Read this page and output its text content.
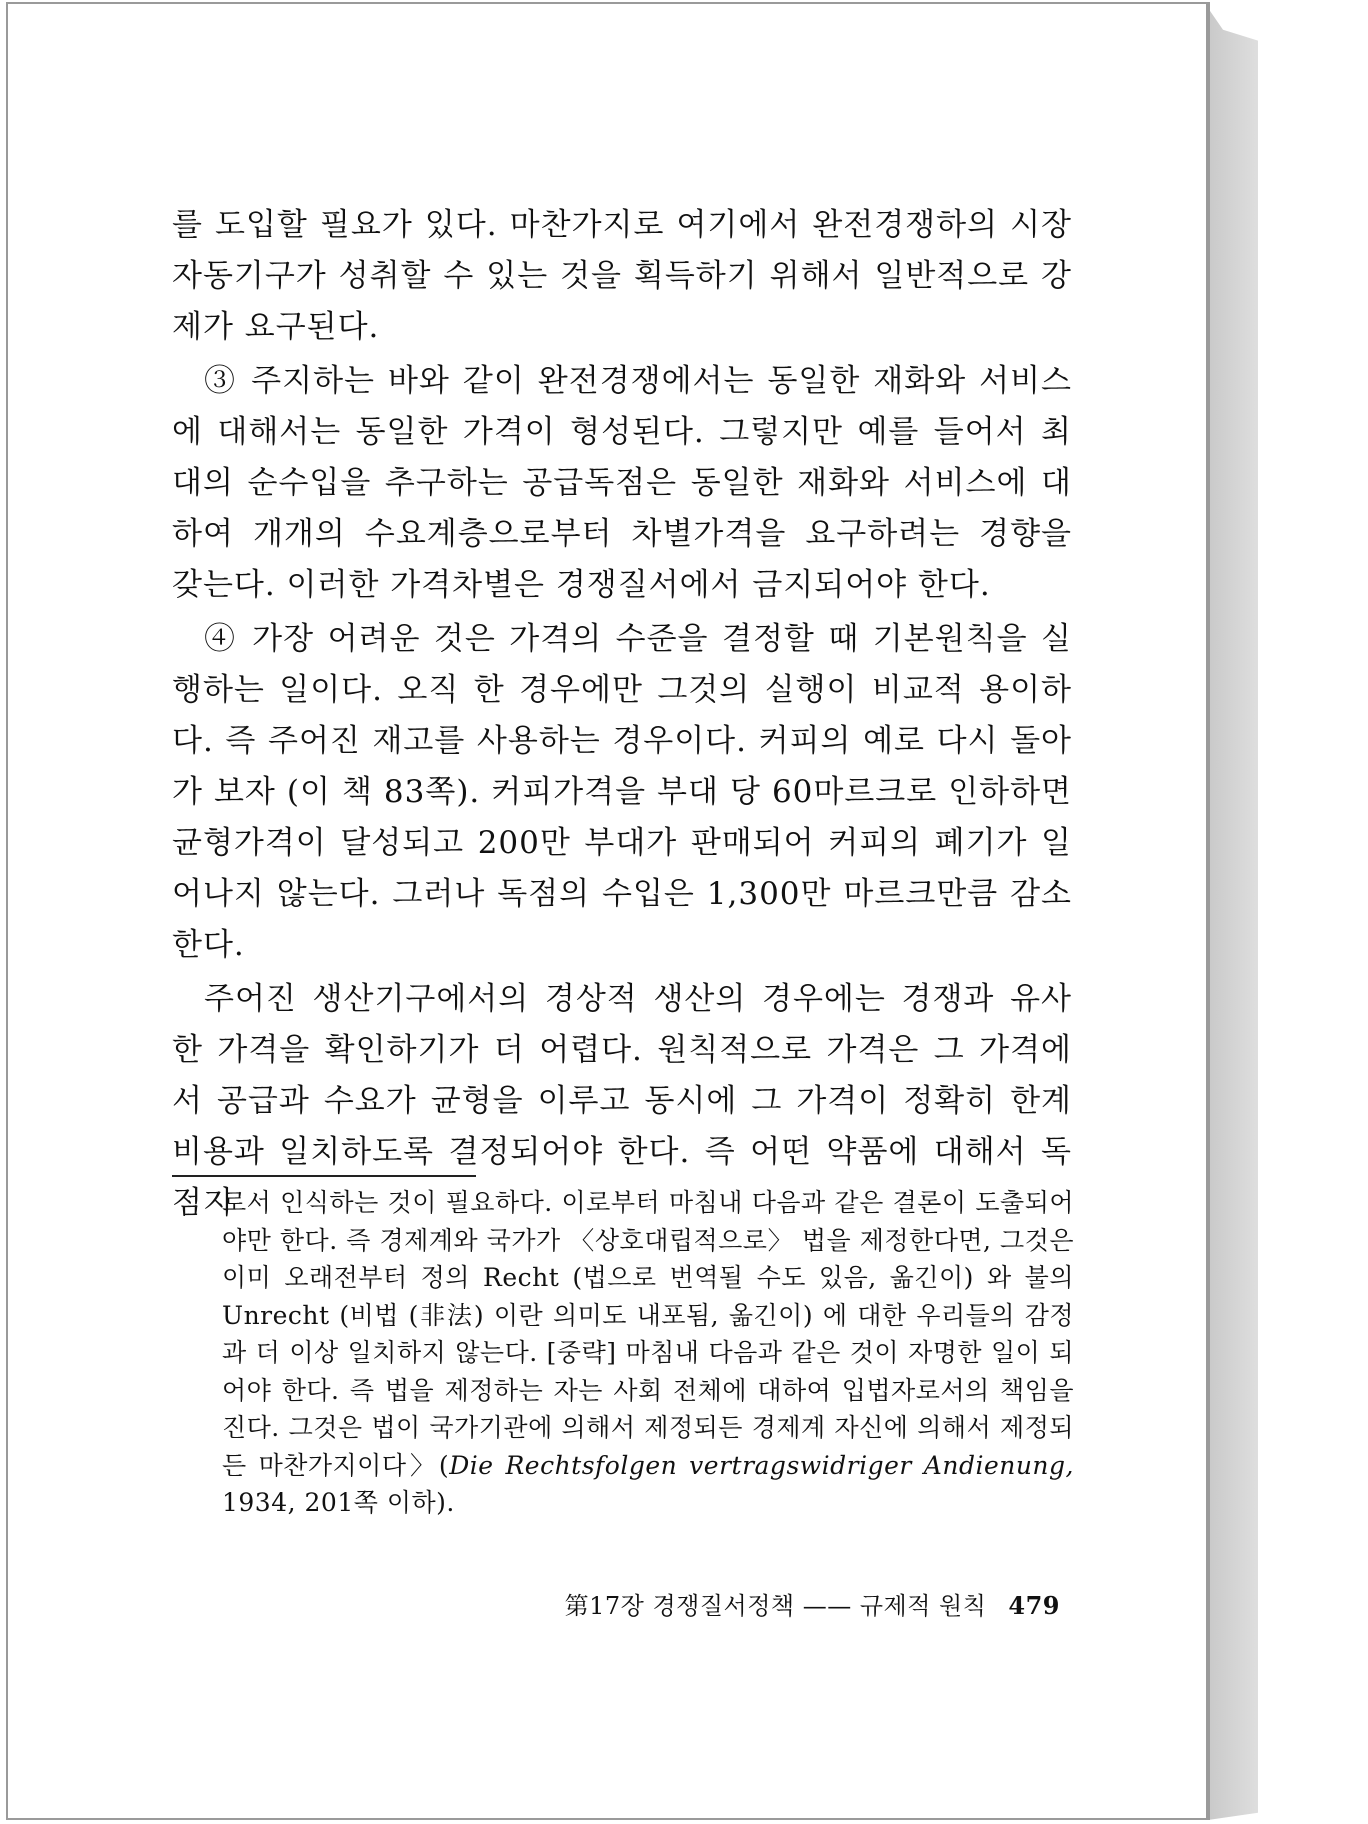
를 도입할 필요가 있다. 마찬가지로 여기에서 완전경쟁하의 시장자동기구가 성취할 수 있는 것을 획득하기 위해서 일반적으로 강제가 요구된다.

③ 주지하는 바와 같이 완전경쟁에서는 동일한 재화와 서비스에 대해서는 동일한 가격이 형성된다. 그렇지만 예를 들어서 최대의 순수입을 추구하는 공급독점은 동일한 재화와 서비스에 대하여 개개의 수요계층으로부터 차별가격을 요구하려는 경향을 갖는다. 이러한 가격차별은 경쟁질서에서 금지되어야 한다.

④ 가장 어려운 것은 가격의 수준을 결정할 때 기본원칙을 실행하는 일이다. 오직 한 경우에만 그것의 실행이 비교적 용이하다. 즉 주어진 재고를 사용하는 경우이다. 커피의 예로 다시 돌아가 보자 (이 책 83쪽). 커피가격을 부대 당 60마르크로 인하하면 균형가격이 달성되고 200만 부대가 판매되어 커피의 폐기가 일어나지 않는다. 그러나 독점의 수입은 1,300만 마르크만큼 감소한다.

주어진 생산기구에서의 경상적 생산의 경우에는 경쟁과 유사한 가격을 확인하기가 더 어렵다. 원칙적으로 가격은 그 가격에서 공급과 수요가 균형을 이루고 동시에 그 가격이 정확히 한계비용과 일치하도록 결정되어야 한다. 즉 어떤 약품에 대해서 독점지

로서 인식하는 것이 필요하다. 이로부터 마침내 다음과 같은 결론이 도출되어야만 한다. 즉 경제계와 국가가 〈상호대립적으로〉 법을 제정한다면, 그것은 이미 오래전부터 정의 Recht (법으로 번역될 수도 있음, 옮긴이) 와 불의 Unrecht (비법 (非法) 이란 의미도 내포됨, 옮긴이) 에 대한 우리들의 감정과 더 이상 일치하지 않는다. [중략] 마침내 다음과 같은 것이 자명한 일이 되어야 한다. 즉 법을 제정하는 자는 사회 전체에 대하여 입법자로서의 책임을 진다. 그것은 법이 국가기관에 의해서 제정되든 경제계 자신에 의해서 제정되든 마찬가지이다〉(Die Rechtsfolgen vertragswidriger Andienung, 1934, 201쪽 이하).
第17장 경쟁질서정책 —— 규제적 원칙 479
